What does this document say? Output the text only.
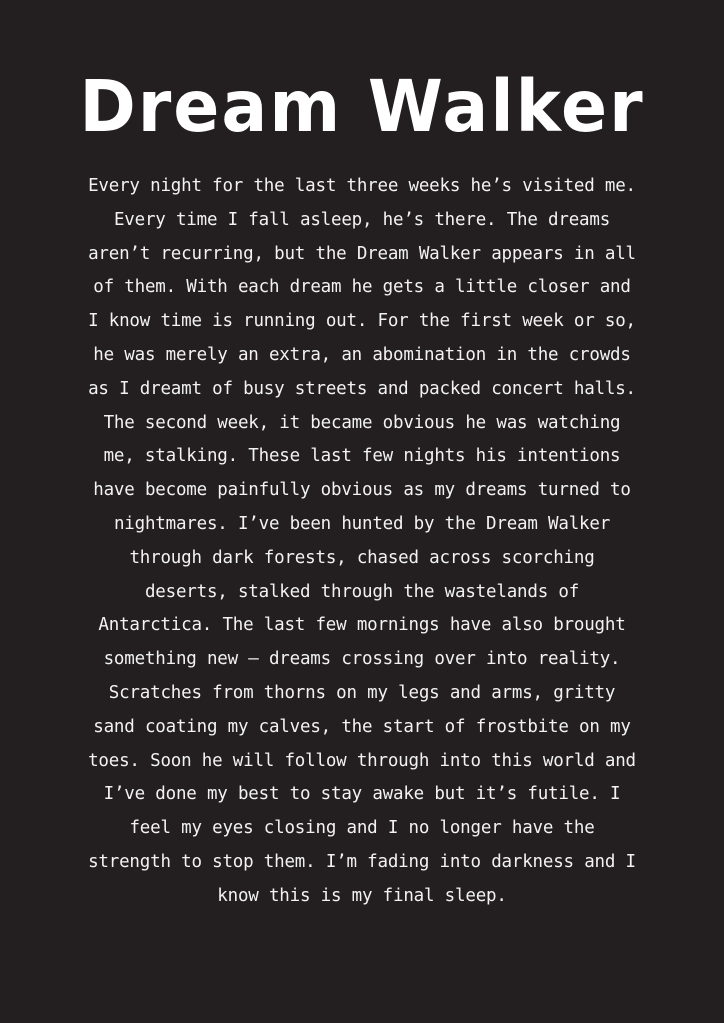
Dream Walker
Every night for the last three weeks he’s visited me.
Every time I fall asleep, he’s there. The dreams
aren’t recurring, but the Dream Walker appears in all
of them. With each dream he gets a little closer and
I know time is running out. For the first week or so,
he was merely an extra, an abomination in the crowds
as I dreamt of busy streets and packed concert halls.
The second week, it became obvious he was watching
me, stalking. These last few nights his intentions
have become painfully obvious as my dreams turned to
nightmares. I’ve been hunted by the Dream Walker
through dark forests, chased across scorching
deserts, stalked through the wastelands of
Antarctica. The last few mornings have also brought
something new – dreams crossing over into reality.
Scratches from thorns on my legs and arms, gritty
sand coating my calves, the start of frostbite on my
toes. Soon he will follow through into this world and
I’ve done my best to stay awake but it’s futile. I
feel my eyes closing and I no longer have the
strength to stop them. I’m fading into darkness and I
know this is my final sleep.
